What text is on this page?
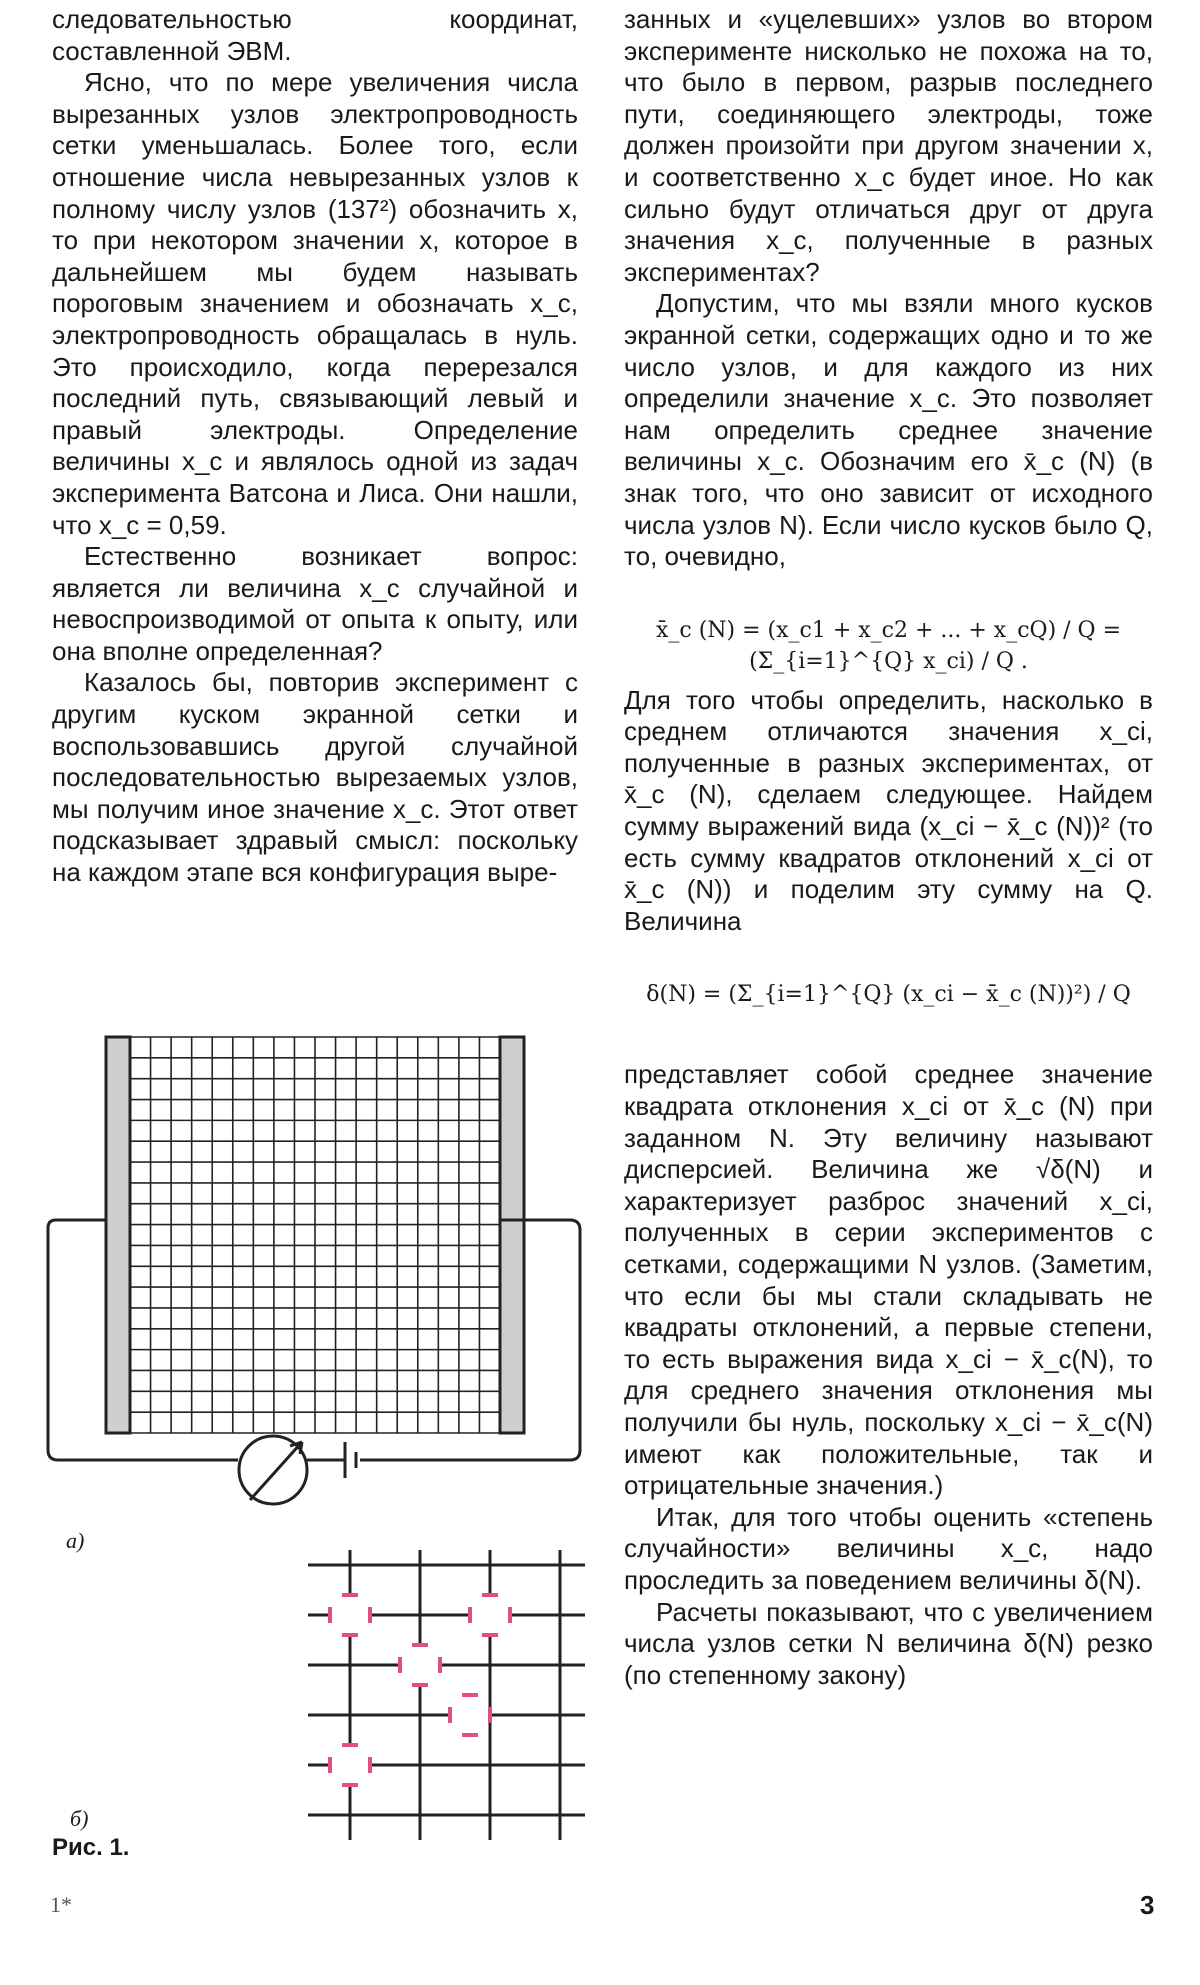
следовательностью координат, составленной ЭВМ.

Ясно, что по мере увеличения числа вырезанных узлов электропроводность сетки уменьшалась. Более того, если отношение числа невырезанных узлов к полному числу узлов (137²) обозначить x, то при некотором значении x, которое в дальнейшем мы будем называть пороговым значением и обозначать x_c, электропроводность обращалась в нуль. Это происходило, когда перерезался последний путь, связывающий левый и правый электроды. Определение величины x_c и являлось одной из задач эксперимента Ватсона и Лиса. Они нашли, что x_c = 0,59.

Естественно возникает вопрос: является ли величина x_c случайной и невоспроизводимой от опыта к опыту, или она вполне определенная?

Казалось бы, повторив эксперимент с другим куском экранной сетки и воспользовавшись другой случайной последовательностью вырезаемых узлов, мы получим иное значение x_c. Этот ответ подсказывает здравый смысл: поскольку на каждом этапе вся конфигурация выре-

занных и «уцелевших» узлов во втором эксперименте нисколько не похожа на то, что было в первом, разрыв последнего пути, соединяющего электроды, тоже должен произойти при другом значении x, и соответственно x_c будет иное. Но как сильно будут отличаться друг от друга значения x_c, полученные в разных экспериментах?

Допустим, что мы взяли много кусков экранной сетки, содержащих одно и то же число узлов, и для каждого из них определили значение x_c. Это позволяет нам определить среднее значение величины x_c. Обозначим его x̄_c (N) (в знак того, что оно зависит от исходного числа узлов N). Если число кусков было Q, то, очевидно,

x̄_c (N) = (x_c1 + x_c2 + ... + x_cQ) / Q = (Σ_{i=1}^{Q} x_ci) / Q .

Для того чтобы определить, насколько в среднем отличаются значения x_ci, полученные в разных экспериментах, от x̄_c (N), сделаем следующее. Найдем сумму выражений вида (x_ci − x̄_c (N))² (то есть сумму квадратов отклонений x_ci от x̄_c (N)) и поделим эту сумму на Q. Величина

δ(N) = (Σ_{i=1}^{Q} (x_ci − x̄_c (N))²) / Q

представляет собой среднее значение квадрата отклонения x_ci от x̄_c (N) при заданном N. Эту величину называют дисперсией. Величина же √δ(N) и характеризует разброс значений x_ci, полученных в серии экспериментов с сетками, содержащими N узлов. (Заметим, что если бы мы стали складывать не квадраты отклонений, а первые степени, то есть выражения вида x_ci − x̄_c(N), то для среднего значения отклонения мы получили бы нуль, поскольку x_ci − x̄_c(N) имеют как положительные, так и отрицательные значения.)

Итак, для того чтобы оценить «степень случайности» величины x_c, надо проследить за поведением величины δ(N).

Расчеты показывают, что с увеличением числа узлов сетки N величина δ(N) резко (по степенному закону)

а)
б)
Рис. 1.
1*	3
